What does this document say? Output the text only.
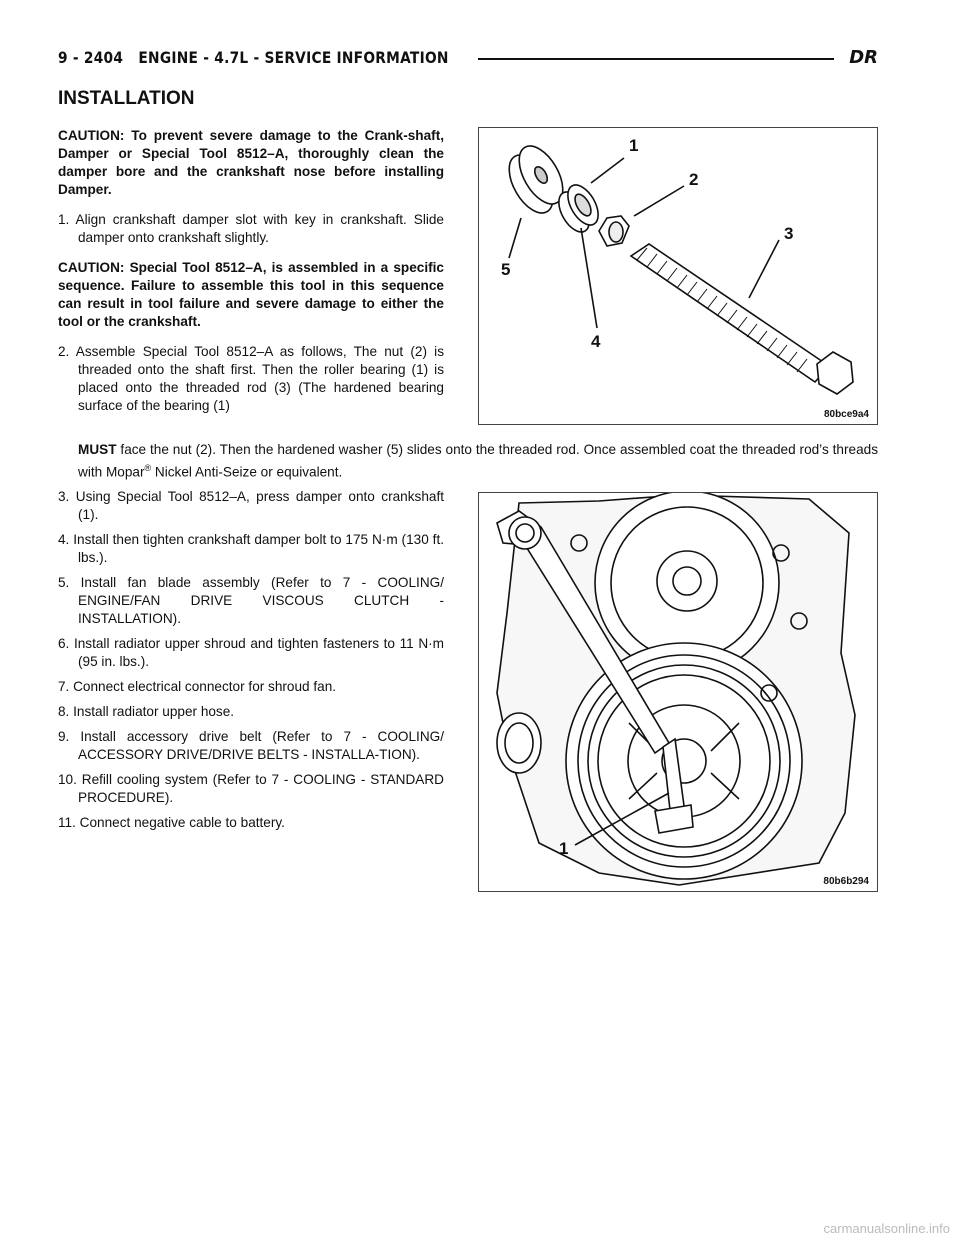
9 - 2404 ENGINE - 4.7L - SERVICE INFORMATION	DR
INSTALLATION

CAUTION: To prevent severe damage to the Crank-shaft, Damper or Special Tool 8512–A, thoroughly clean the damper bore and the crankshaft nose before installing Damper.

1. Align crankshaft damper slot with key in crankshaft. Slide damper onto crankshaft slightly.

CAUTION: Special Tool 8512–A, is assembled in a specific sequence. Failure to assemble this tool in this sequence can result in tool failure and severe damage to either the tool or the crankshaft.

2. Assemble Special Tool 8512–A as follows, The nut (2) is threaded onto the shaft first. Then the roller bearing (1) is placed onto the threaded rod (3) (The hardened bearing surface of the bearing (1)

MUST face the nut (2). Then the hardened washer (5) slides onto the threaded rod. Once assembled coat the threaded rod’s threads with Mopar® Nickel Anti-Seize or equivalent.

3. Using Special Tool 8512–A, press damper onto crankshaft (1).

4. Install then tighten crankshaft damper bolt to 175 N·m (130 ft. lbs.).

5. Install fan blade assembly (Refer to 7 - COOLING/ ENGINE/FAN DRIVE VISCOUS CLUTCH - INSTALLATION).

6. Install radiator upper shroud and tighten fasteners to 11 N·m (95 in. lbs.).

7. Connect electrical connector for shroud fan.

8. Install radiator upper hose.

9. Install accessory drive belt (Refer to 7 - COOLING/ ACCESSORY DRIVE/DRIVE BELTS - INSTALLA-TION).

10. Refill cooling system (Refer to 7 - COOLING - STANDARD PROCEDURE).

11. Connect negative cable to battery.

1
2
3
4
5
80bce9a4
1
80b6b294
carmanualsonline.info
